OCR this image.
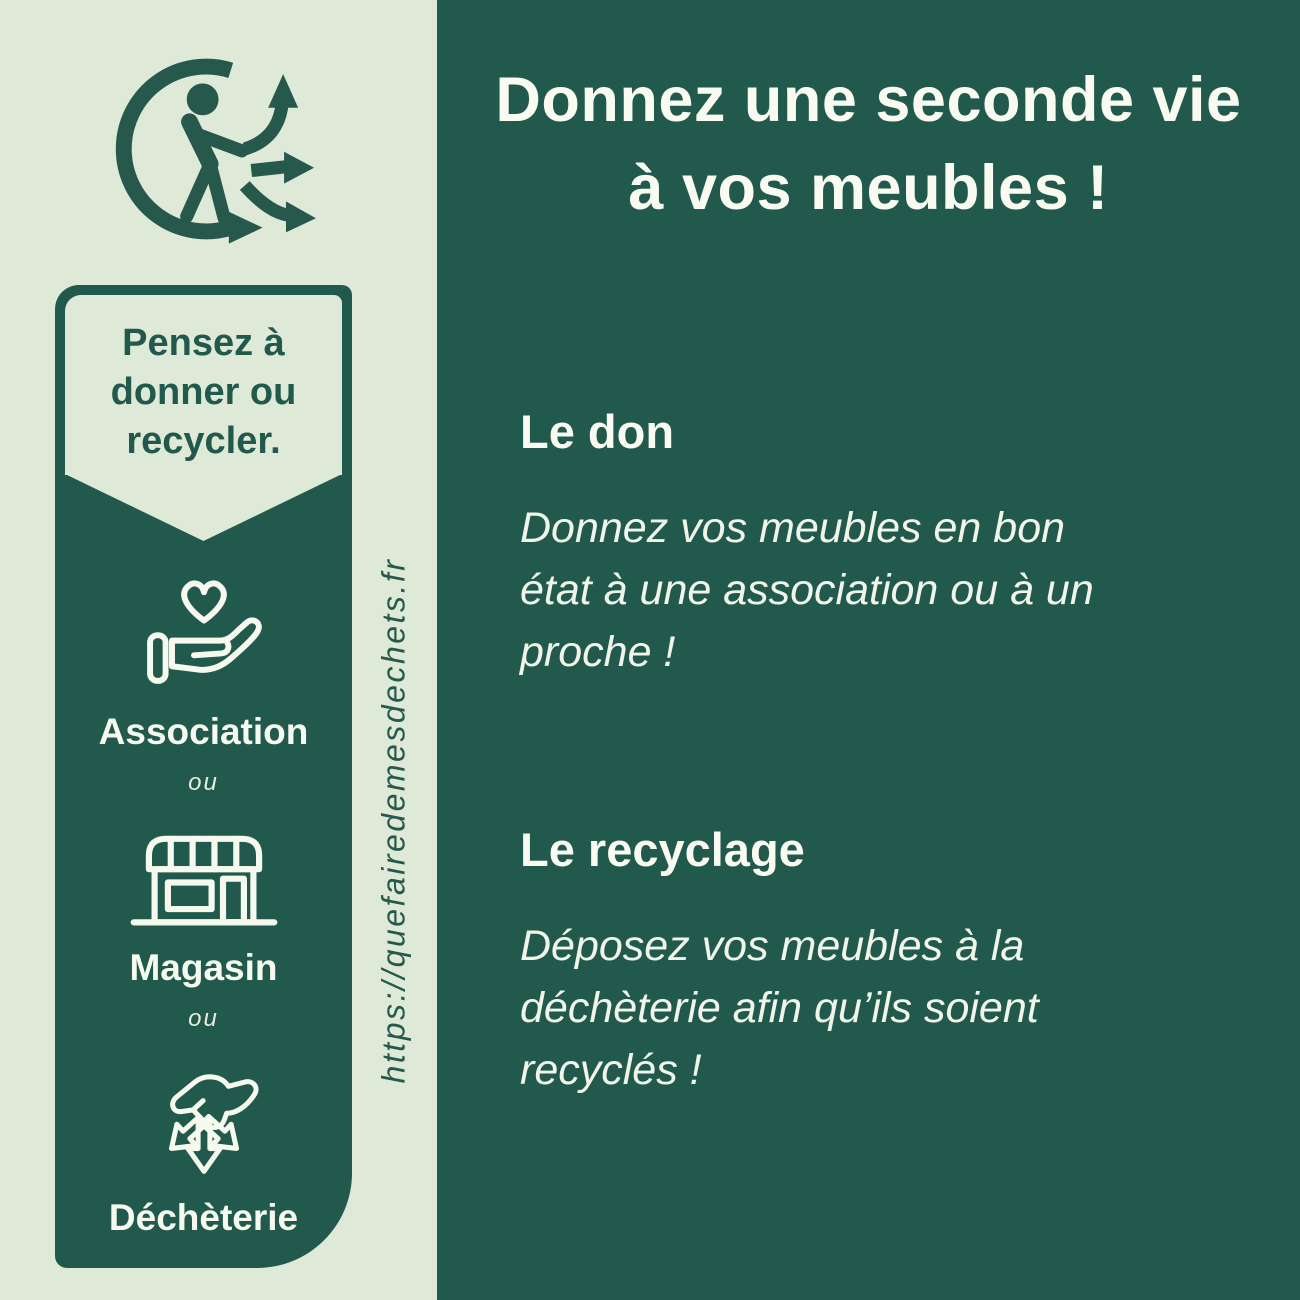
Donnez une seconde vie
à vos meubles !
Le don
Donnez vos meubles en bon
état à une association ou à un
proche !
Le recyclage
Déposez vos meubles à la
déchèterie afin qu’ils soient
recyclés !
Pensez à
donner ou
recycler.
Association
ou
Magasin
ou
Déchèterie
https://quefairedemesdechets.fr
